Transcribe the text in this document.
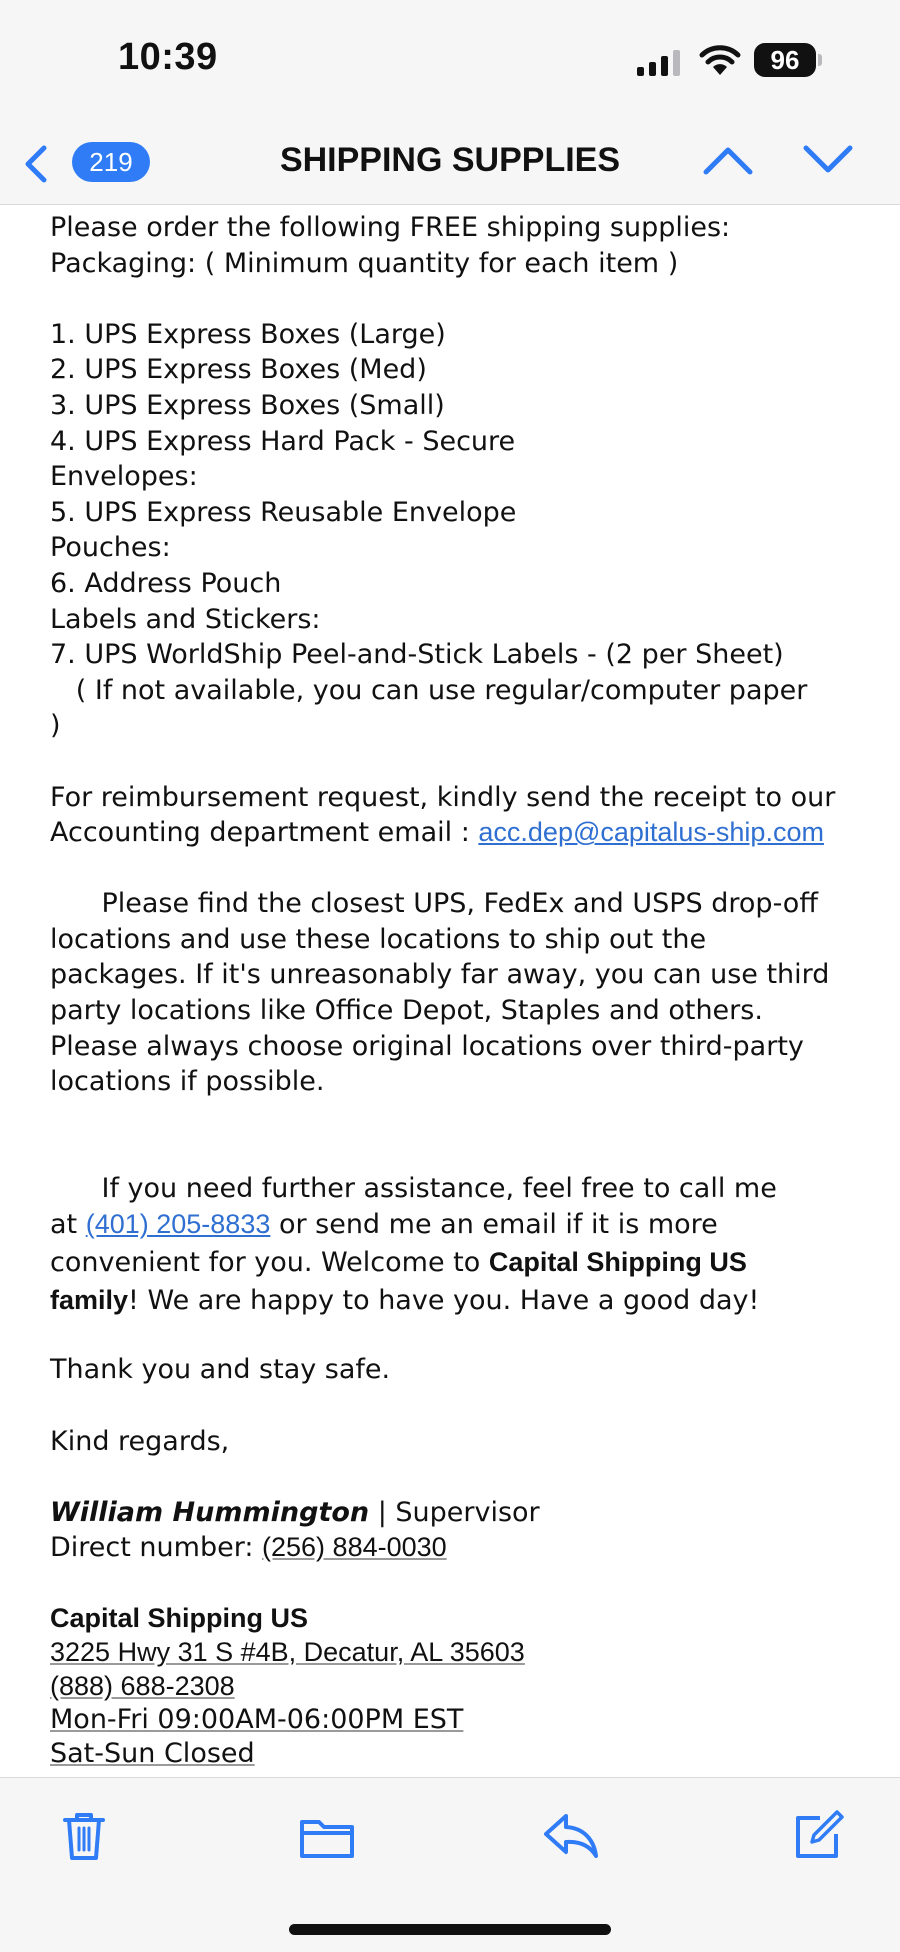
10:39	96
219	SHIPPING SUPPLIES
Please order the following FREE shipping supplies:
Packaging: ( Minimum quantity for each item )
1. UPS Express Boxes (Large)
2. UPS Express Boxes (Med)
3. UPS Express Boxes (Small)
4. UPS Express Hard Pack - Secure
Envelopes:
5. UPS Express Reusable Envelope
Pouches:
6. Address Pouch
Labels and Stickers:
7. UPS WorldShip Peel-and-Stick Labels - (2 per Sheet)
( If not available, you can use regular/computer paper
)
For reimbursement request, kindly send the receipt to our
Accounting department email : acc.dep@capitalus-ship.com
Please find the closest UPS, FedEx and USPS drop-off
locations and use these locations to ship out the
packages. If it's unreasonably far away, you can use third
party locations like Office Depot, Staples and others.
Please always choose original locations over third-party
locations if possible.
If you need further assistance, feel free to call me
at (401) 205-8833 or send me an email if it is more
convenient for you. Welcome to Capital Shipping US
family! We are happy to have you. Have a good day!
Thank you and stay safe.
Kind regards,
William Hummington | Supervisor
Direct number: (256) 884-0030
Capital Shipping US
3225 Hwy 31 S #4B, Decatur, AL 35603
(888) 688-2308
Mon-Fri 09:00AM-06:00PM EST
Sat-Sun Closed
